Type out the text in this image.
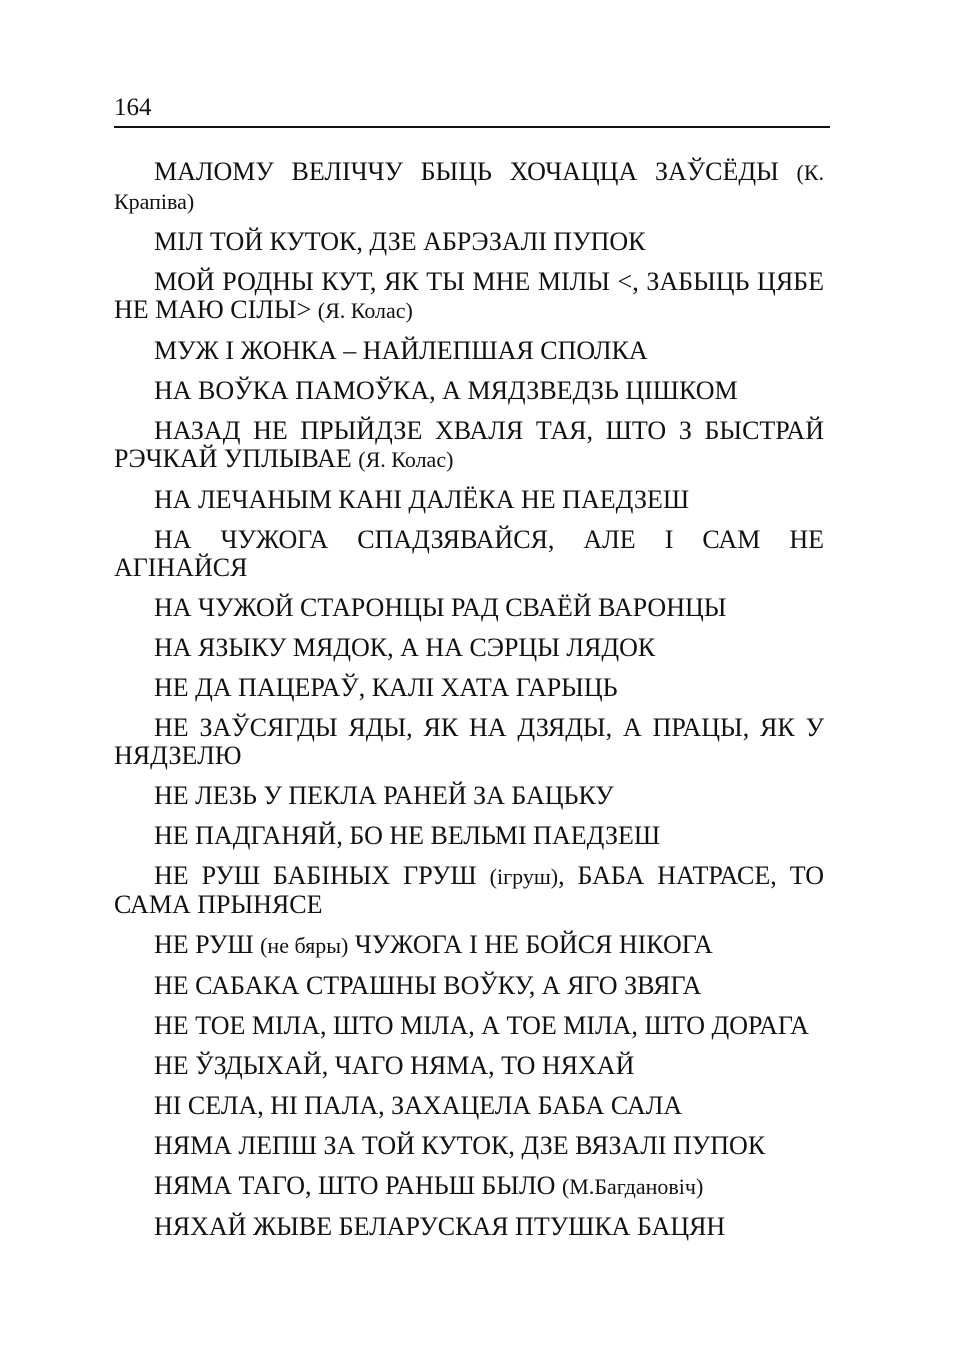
164

МАЛОМУ ВЕЛІЧЧУ БЫЦЬ ХОЧАЦЦА ЗАЎСЁДЫ (К. Крапіва)

МІЛ ТОЙ КУТОК, ДЗЕ АБРЭЗАЛІ ПУПОК

МОЙ РОДНЫ КУТ, ЯК ТЫ МНЕ МІЛЫ <, ЗАБЫЦЬ ЦЯБЕ НЕ МАЮ СІЛЫ> (Я. Колас)

МУЖ І ЖОНКА – НАЙЛЕПШАЯ СПОЛКА

НА ВОЎКА ПАМОЎКА, А МЯДЗВЕДЗЬ ЦІШКОМ

НАЗАД НЕ ПРЫЙДЗЕ ХВАЛЯ ТАЯ, ШТО З БЫСТРАЙ РЭЧКАЙ УПЛЫВАЕ (Я. Колас)

НА ЛЕЧАНЫМ КАНІ ДАЛЁКА НЕ ПАЕДЗЕШ

НА ЧУЖОГА СПАДЗЯВАЙСЯ, АЛЕ І САМ НЕ АГІНАЙСЯ

НА ЧУЖОЙ СТАРОНЦЫ РАД СВАЁЙ ВАРОНЦЫ

НА ЯЗЫКУ МЯДОК, А НА СЭРЦЫ ЛЯДОК

НЕ ДА ПАЦЕРАЎ, КАЛІ ХАТА ГАРЫЦЬ

НЕ ЗАЎСЯГДЫ ЯДЫ, ЯК НА ДЗЯДЫ, А ПРАЦЫ, ЯК У НЯДЗЕЛЮ

НЕ ЛЕЗЬ У ПЕКЛА РАНЕЙ ЗА БАЦЬКУ

НЕ ПАДГАНЯЙ, БО НЕ ВЕЛЬМІ ПАЕДЗЕШ

НЕ РУШ БАБІНЫХ ГРУШ (ігруш), БАБА НАТРАСЕ, ТО САМА ПРЫНЯСЕ

НЕ РУШ (не бяры) ЧУЖОГА І НЕ БОЙСЯ НІКОГА

НЕ САБАКА СТРАШНЫ ВОЎКУ, А ЯГО ЗВЯГА

НЕ ТОЕ МІЛА, ШТО МІЛА, А ТОЕ МІЛА, ШТО ДОРАГА

НЕ ЎЗДЫХАЙ, ЧАГО НЯМА, ТО НЯХАЙ

НІ СЕЛА, НІ ПАЛА, ЗАХАЦЕЛА БАБА САЛА

НЯМА ЛЕПШ ЗА ТОЙ КУТОК, ДЗЕ ВЯЗАЛІ ПУПОК

НЯМА ТАГО, ШТО РАНЬШ БЫЛО (М.Багдановіч)

НЯХАЙ ЖЫВЕ БЕЛАРУСКАЯ ПТУШКА БАЦЯН
